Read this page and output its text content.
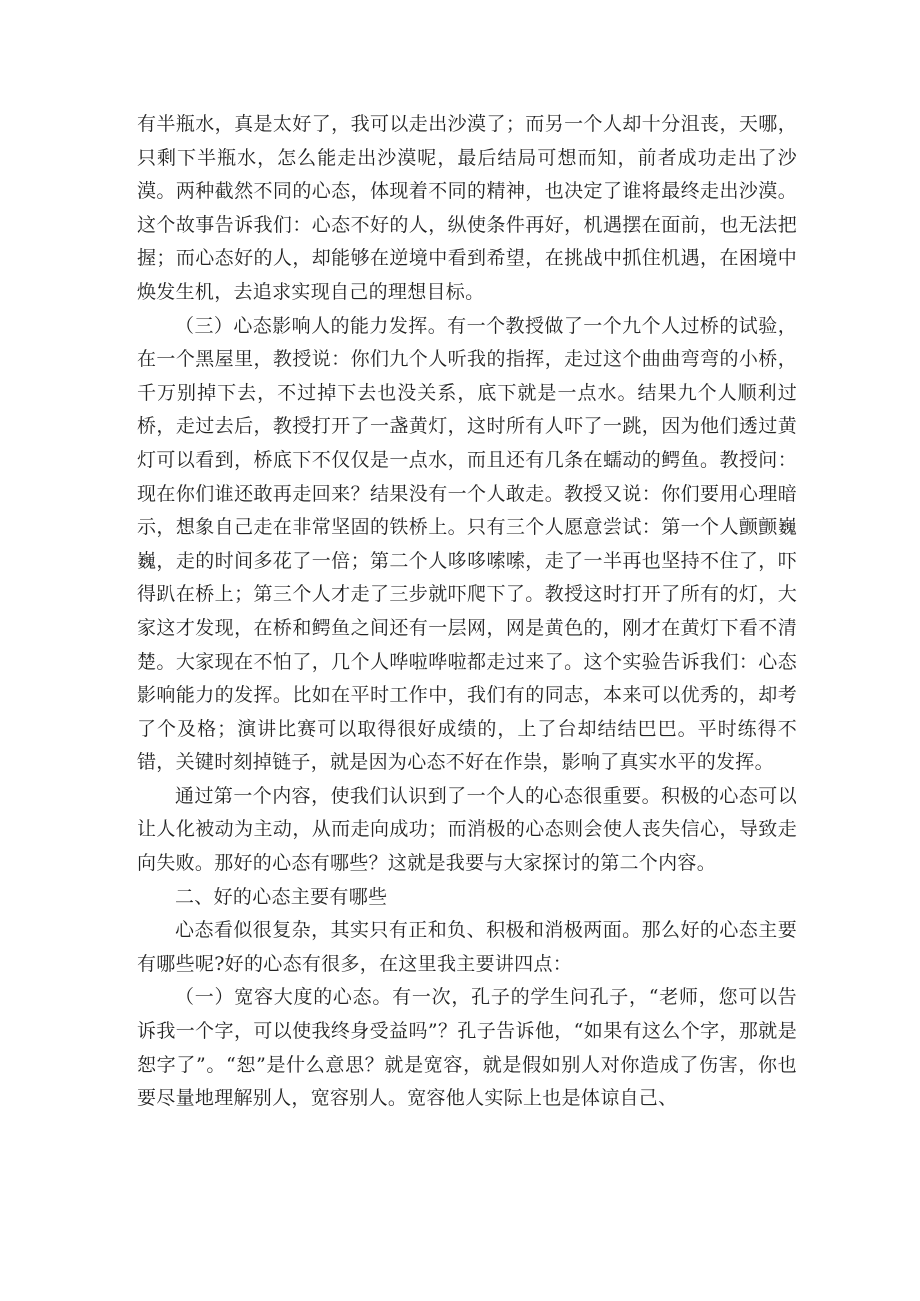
有半瓶水，真是太好了，我可以走出沙漠了；而另一个人却十分沮丧，天哪，只剩下半瓶水，怎么能走出沙漠呢，最后结局可想而知，前者成功走出了沙漠。两种截然不同的心态，体现着不同的精神，也决定了谁将最终走出沙漠。这个故事告诉我们：心态不好的人，纵使条件再好，机遇摆在面前，也无法把握；而心态好的人，却能够在逆境中看到希望，在挑战中抓住机遇，在困境中焕发生机，去追求实现自己的理想目标。

（三）心态影响人的能力发挥。有一个教授做了一个九个人过桥的试验，在一个黑屋里，教授说：你们九个人听我的指挥，走过这个曲曲弯弯的小桥，千万别掉下去，不过掉下去也没关系，底下就是一点水。结果九个人顺利过桥，走过去后，教授打开了一盏黄灯，这时所有人吓了一跳，因为他们透过黄灯可以看到，桥底下不仅仅是一点水，而且还有几条在蠕动的鳄鱼。教授问：现在你们谁还敢再走回来？结果没有一个人敢走。教授又说：你们要用心理暗示，想象自己走在非常坚固的铁桥上。只有三个人愿意尝试：第一个人颤颤巍巍，走的时间多花了一倍；第二个人哆哆嗦嗦，走了一半再也坚持不住了，吓得趴在桥上；第三个人才走了三步就吓爬下了。教授这时打开了所有的灯，大家这才发现，在桥和鳄鱼之间还有一层网，网是黄色的，刚才在黄灯下看不清楚。大家现在不怕了，几个人哗啦哗啦都走过来了。这个实验告诉我们：心态影响能力的发挥。比如在平时工作中，我们有的同志，本来可以优秀的，却考了个及格；演讲比赛可以取得很好成绩的，上了台却结结巴巴。平时练得不错，关键时刻掉链子，就是因为心态不好在作祟，影响了真实水平的发挥。

通过第一个内容，使我们认识到了一个人的心态很重要。积极的心态可以让人化被动为主动，从而走向成功；而消极的心态则会使人丧失信心，导致走向失败。那好的心态有哪些？这就是我要与大家探讨的第二个内容。

二、好的心态主要有哪些

心态看似很复杂，其实只有正和负、积极和消极两面。那么好的心态主要有哪些呢?好的心态有很多，在这里我主要讲四点：

（一）宽容大度的心态。有一次，孔子的学生问孔子，“老师，您可以告诉我一个字，可以使我终身受益吗”？孔子告诉他，“如果有这么个字，那就是恕字了”。“恕”是什么意思？就是宽容，就是假如别人对你造成了伤害，你也要尽量地理解别人，宽容别人。宽容他人实际上也是体谅自己、
